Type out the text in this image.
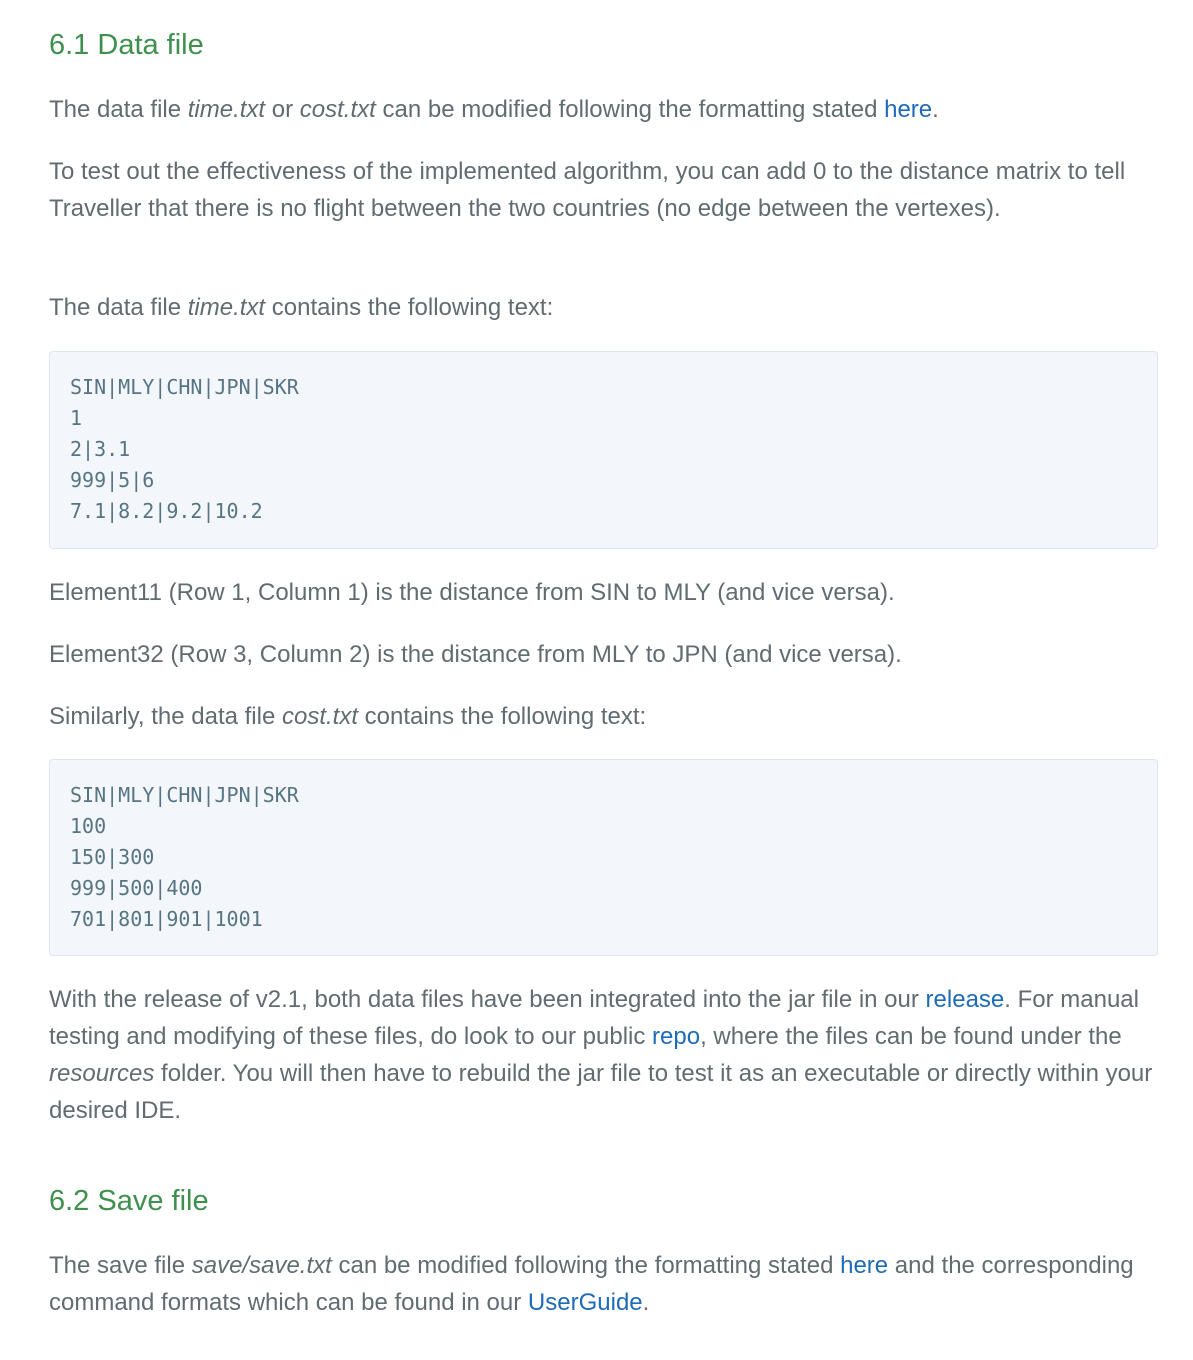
6.1 Data file

The data file time.txt or cost.txt can be modified following the formatting stated here.

To test out the effectiveness of the implemented algorithm, you can add 0 to the distance matrix to tell Traveller that there is no flight between the two countries (no edge between the vertexes).

The data file time.txt contains the following text:

SIN|MLY|CHN|JPN|SKR
1
2|3.1
999|5|6
7.1|8.2|9.2|10.2

Element11 (Row 1, Column 1) is the distance from SIN to MLY (and vice versa).

Element32 (Row 3, Column 2) is the distance from MLY to JPN (and vice versa).

Similarly, the data file cost.txt contains the following text:

SIN|MLY|CHN|JPN|SKR
100
150|300
999|500|400
701|801|901|1001

With the release of v2.1, both data files have been integrated into the jar file in our release. For manual testing and modifying of these files, do look to our public repo, where the files can be found under the resources folder. You will then have to rebuild the jar file to test it as an executable or directly within your desired IDE.

6.2 Save file

The save file save/save.txt can be modified following the formatting stated here and the corresponding command formats which can be found in our UserGuide.
